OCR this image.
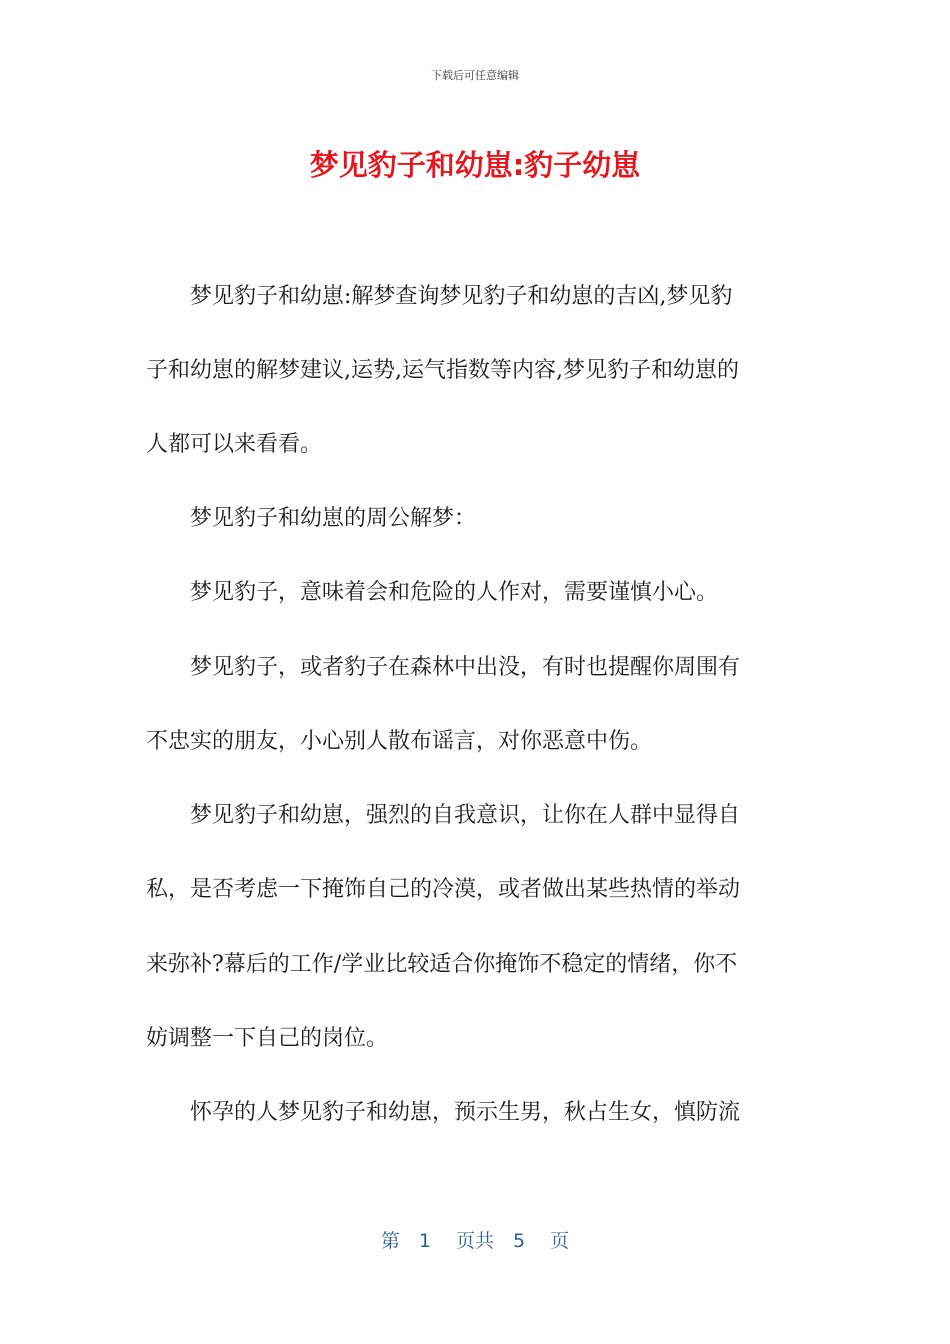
下载后可任意编辑
梦见豹子和幼崽:豹子幼崽

　　梦见豹子和幼崽:解梦查询梦见豹子和幼崽的吉凶,梦见豹

子和幼崽的解梦建议,运势,运气指数等内容,梦见豹子和幼崽的

人都可以来看看。

　　梦见豹子和幼崽的周公解梦：

　　梦见豹子，意味着会和危险的人作对，需要谨慎小心。

　　梦见豹子，或者豹子在森林中出没，有时也提醒你周围有

不忠实的朋友，小心别人散布谣言，对你恶意中伤。

　　梦见豹子和幼崽，强烈的自我意识，让你在人群中显得自

私，是否考虑一下掩饰自己的冷漠，或者做出某些热情的举动

来弥补?幕后的工作/学业比较适合你掩饰不稳定的情绪，你不

妨调整一下自己的岗位。

　　怀孕的人梦见豹子和幼崽，预示生男，秋占生女，慎防流

第　1　 页共　5　 页
